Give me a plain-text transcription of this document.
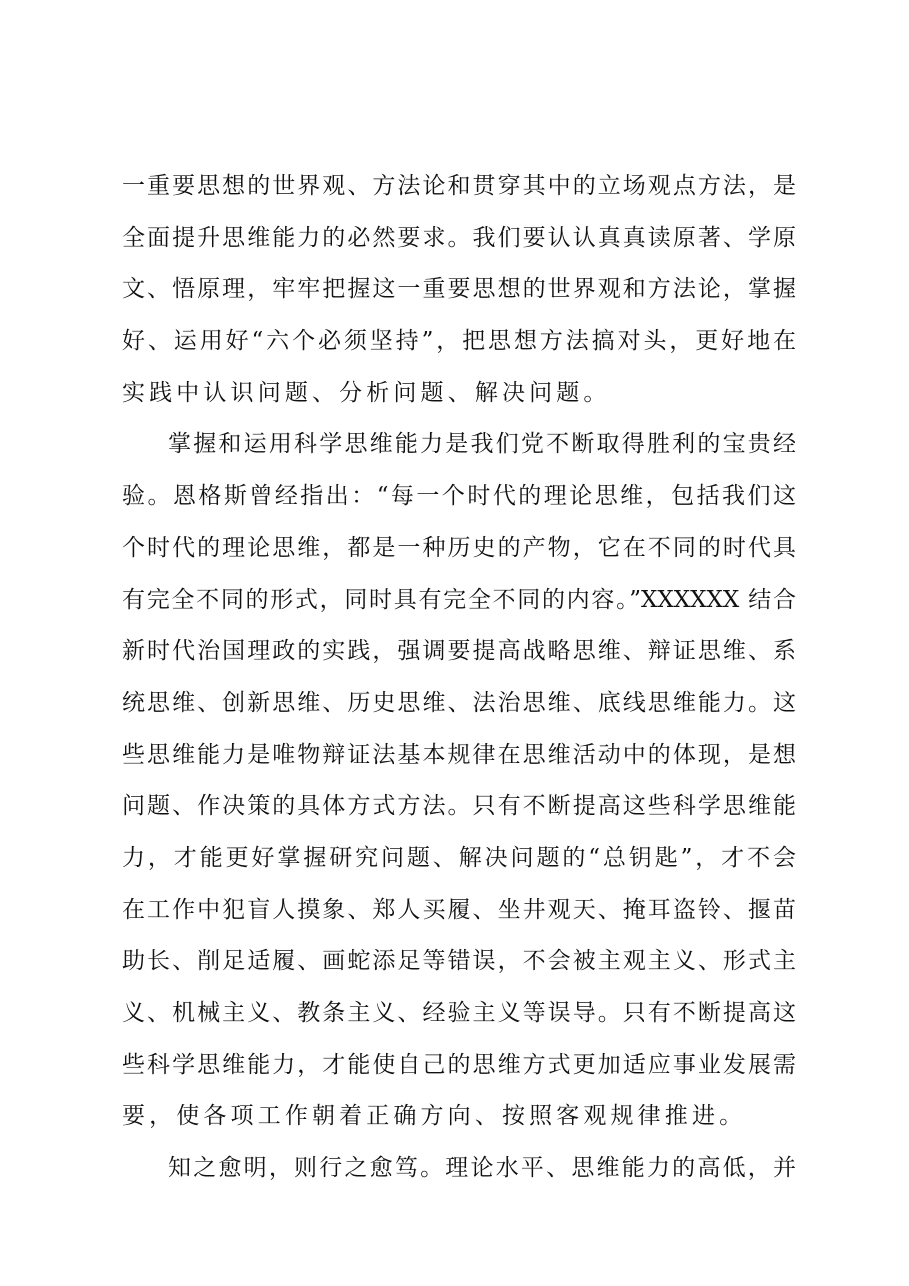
一重要思想的世界观、方法论和贯穿其中的立场观点方法，是
全面提升思维能力的必然要求。我们要认认真真读原著、学原
文、悟原理，牢牢把握这一重要思想的世界观和方法论，掌握
好、运用好“六个必须坚持”，把思想方法搞对头，更好地在
实践中认识问题、分析问题、解决问题。
掌握和运用科学思维能力是我们党不断取得胜利的宝贵经
验。恩格斯曾经指出：“每一个时代的理论思维，包括我们这
个时代的理论思维，都是一种历史的产物，它在不同的时代具
有完全不同的形式，同时具有完全不同的内容。”XXXXXX 结合
新时代治国理政的实践，强调要提高战略思维、辩证思维、系
统思维、创新思维、历史思维、法治思维、底线思维能力。这
些思维能力是唯物辩证法基本规律在思维活动中的体现，是想
问题、作决策的具体方式方法。只有不断提高这些科学思维能
力，才能更好掌握研究问题、解决问题的“总钥匙”，才不会
在工作中犯盲人摸象、郑人买履、坐井观天、掩耳盗铃、揠苗
助长、削足适履、画蛇添足等错误，不会被主观主义、形式主
义、机械主义、教条主义、经验主义等误导。只有不断提高这
些科学思维能力，才能使自己的思维方式更加适应事业发展需
要，使各项工作朝着正确方向、按照客观规律推进。
知之愈明，则行之愈笃。理论水平、思维能力的高低，并
